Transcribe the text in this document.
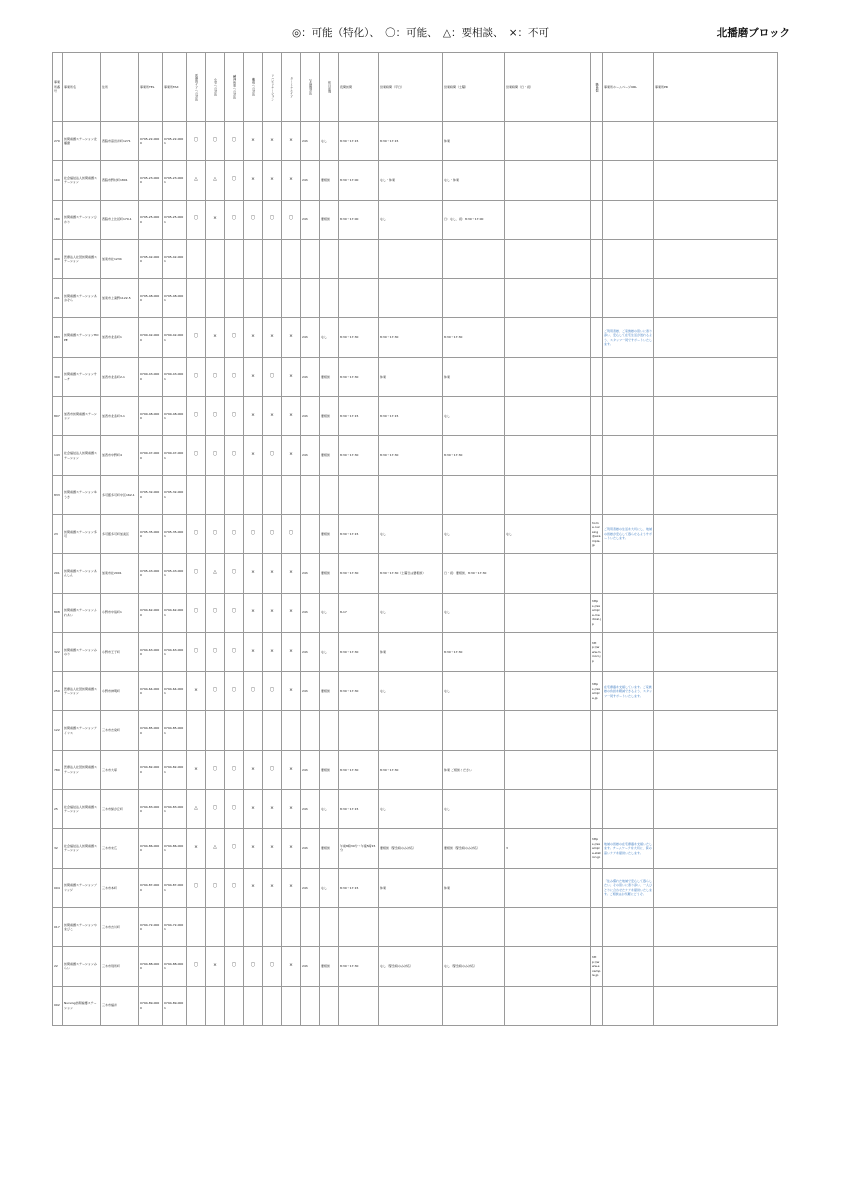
◎：可能（特化）、　〇：可能、　△：要相談、　×：不可	北播磨ブロック
事業所番号	事業所名	住所	事業所TEL	事業所FAX	医療的ケアへの対応	小児への対応	精神疾患への対応	難病への対応	リハビリテーション	ターミナルケア	24時間対応	休日訪問	夜間訪問	営業時間（平日）	営業時間（土曜）	営業時間（日・祝）	職員数	事業所ホームページURL	事業所PR
270	訪問看護ステーション北播磨	西脇市高田井町1271	0795-22-0000	0795-22-0001	〇	〇	〇	×	×	×	24h	なし	8:30〜17:15	8:30〜17:15	休業				
100	社会福祉法人訪問看護ステーション	西脇市野村町1801	0795-23-0000	0795-23-0001	△	△	〇	×	×	×	24h	要相談	8:30〜17:00	なし・休業	なし・休業				
180	訪問看護ステーションひかり	西脇市上比延町170-1	0795-25-0000	0795-25-0001	〇	×	〇	〇	〇	〇	24h	要相談	8:30〜17:00	なし	日：なし、祝：8:30〜17:00				
400	医療法人社団訪問看護ステーション	加東市社1234	0795-42-0000	0795-42-0001															
201	訪問看護ステーションあおぞら	加東市上滝野1122-5	0795-48-0000	0795-48-0001															
683	訪問看護ステーションHOPE	加西市北条町1	0790-42-0000	0790-42-0001	〇	×	〇	×	×	×	24h	なし	8:30〜17:30	8:30〜17:30	8:30〜17:30			ご利用者様、ご家族様の思いに寄り添い、安心して在宅生活が送れるよう、スタッフ一同でサポートいたします。	
300	訪問看護ステーションサーチ	加西市北条町2-1	0790-43-0000	0790-43-0001	〇	〇	〇	×	〇	×	24h	要相談	8:30〜17:30	休業	休業				
807	加西市訪問看護ステーション	加西市北条町3-1	0790-48-0000	0790-48-0001	〇	〇	〇	×	×	×	24h	要相談	8:30〜17:15	8:30〜17:15	なし				
143	社会福祉法人訪問看護ステーション	加西市中野町4	0790-47-0000	0790-47-0001	〇	〇	〇	×	〇	×	24h	要相談	8:30〜17:30	8:30〜17:30	8:30〜17:30				
833	訪問看護ステーションゆうき	多可郡多可町中区162-1	0795-32-0000	0795-32-0001															
23	訪問看護ステーション多可	多可郡多可町加美区	0795-35-0000	0795-35-0001	〇	〇	〇	〇	〇	〇		要相談	8:30〜17:15	なし	なし	なし	home.nursing@example.jp	ご利用者様の生活を大切にし、地域の皆様が安心して暮らせるようサポートいたします。	
201	訪問看護ステーションあんしん	加東市社2001	0795-43-0000	0795-43-0001	〇	△	〇	×	×	×	24h	要相談	8:30〜17:30	8:30〜17:30（土曜日は要相談）	日・祝：要相談、8:30〜17:30				
808	訪問看護ステーションふれあい	小野市中島町1	0794-62-0000	0794-62-0001	〇	〇	〇	×	×	×	24h	なし	8-17	なし	なし		https://example-medical.jp		
322	訪問看護ステーションみのり	小野市王子町	0794-63-0000	0794-63-0001	〇	〇	〇	×	×	×	24h	なし	8:30〜17:30	休業	8:30〜17:30		http://www.minori.jp		
250	医療法人社団訪問看護ステーション	小野市神明町	0794-64-0000	0794-64-0001	×	〇	〇	〇	〇	×	24h	要相談	8:30〜17:30	なし	なし		https://example.jp	在宅療養を支援しています。ご家族様の負担を軽減できるよう、スタッフ一同サポートいたします。	
122	訪問看護ステーションアイリス	三木市志染町	0794-85-0000	0794-85-0001															
780	医療法人社団訪問看護ステーション	三木市大塚	0794-82-0000	0794-82-0001	×	〇	〇	×	〇	×	24h	要相談	8:30〜17:30	8:30〜17:30	休業 ご相談ください				
25	社会福祉法人訪問看護ステーション	三木市緑が丘町	0794-83-0000	0794-83-0001	△	〇	〇	×	×	×	24h	なし	8:30〜17:15	なし	なし				
32	社会福祉法人訪問看護ステーション	三木市末広	0794-86-0000	0794-86-0001	×	△	〇	×	×	×	24h	要相談	午前8時30分〜午後5時15分	要相談（緊急時のみ対応）	要相談（緊急時のみ対応）	3	https://example-station.jp	地域の皆様の在宅療養を支援いたします。チームワークを大切に、質の高いケアを提供いたします。	
004	訪問看護ステーションブリッジ	三木市本町	0794-87-0000	0794-87-0001	〇	〇	〇	×	×	×	24h	なし	8:30〜17:15	休業	休業			「住み慣れた地域で安心して暮らしたい」その思いに寄り添い、一人ひとりに合わせたケアを提供いたします。ご相談はお気軽にどうぞ。	
017	訪問看護ステーションやまびこ	三木市吉川町	0794-72-0000	0794-72-0001															
22	訪問看護ステーションみらい	三木市別所町	0794-88-0000	0794-88-0001	〇	×	〇	〇	〇	×	24h	要相談	8:30〜17:30	なし（緊急時のみ対応）	なし（緊急時のみ対応）		http://www.example.jp		
002	Nursing訪問看護ステーション	三木市福井	0794-89-0000	0794-89-0001															
